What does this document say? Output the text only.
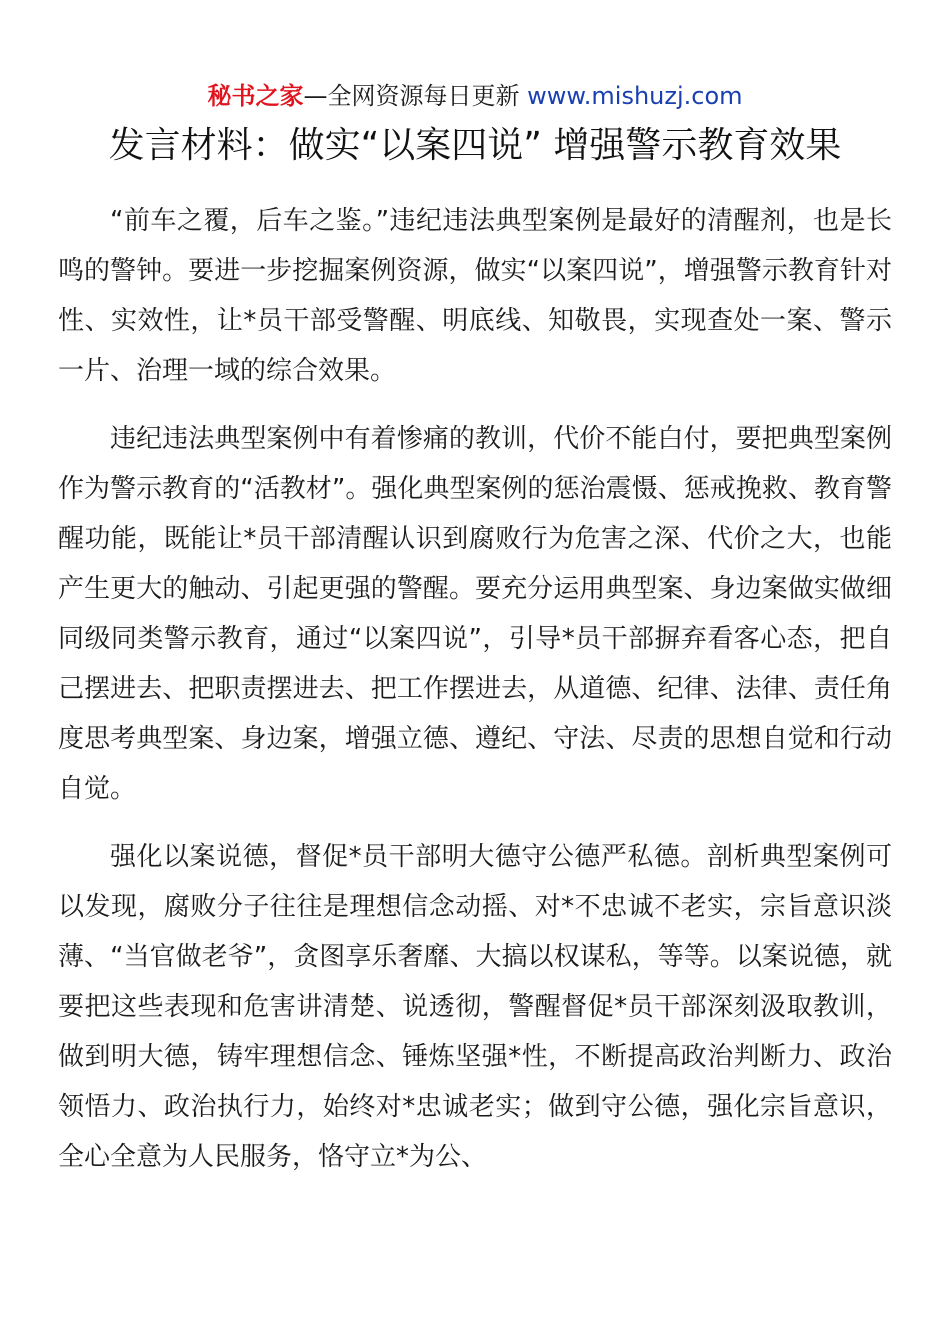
秘书之家—全网资源每日更新 www.mishuzj.com
发言材料：做实“以案四说” 增强警示教育效果

“前车之覆，后车之鉴。”违纪违法典型案例是最好的清醒剂，也是长鸣的警钟。要进一步挖掘案例资源，做实“以案四说”，增强警示教育针对性、实效性，让*员干部受警醒、明底线、知敬畏，实现查处一案、警示一片、治理一域的综合效果。

违纪违法典型案例中有着惨痛的教训，代价不能白付，要把典型案例作为警示教育的“活教材”。强化典型案例的惩治震慑、惩戒挽救、教育警醒功能，既能让*员干部清醒认识到腐败行为危害之深、代价之大，也能产生更大的触动、引起更强的警醒。要充分运用典型案、身边案做实做细同级同类警示教育，通过“以案四说”，引导*员干部摒弃看客心态，把自己摆进去、把职责摆进去、把工作摆进去，从道德、纪律、法律、责任角度思考典型案、身边案，增强立德、遵纪、守法、尽责的思想自觉和行动自觉。

强化以案说德，督促*员干部明大德守公德严私德。剖析典型案例可以发现，腐败分子往往是理想信念动摇、对*不忠诚不老实，宗旨意识淡薄、“当官做老爷”，贪图享乐奢靡、大搞以权谋私，等等。以案说德，就要把这些表现和危害讲清楚、说透彻，警醒督促*员干部深刻汲取教训，做到明大德，铸牢理想信念、锤炼坚强*性，不断提高政治判断力、政治领悟力、政治执行力，始终对*忠诚老实；做到守公德，强化宗旨意识，全心全意为人民服务，恪守立*为公、
